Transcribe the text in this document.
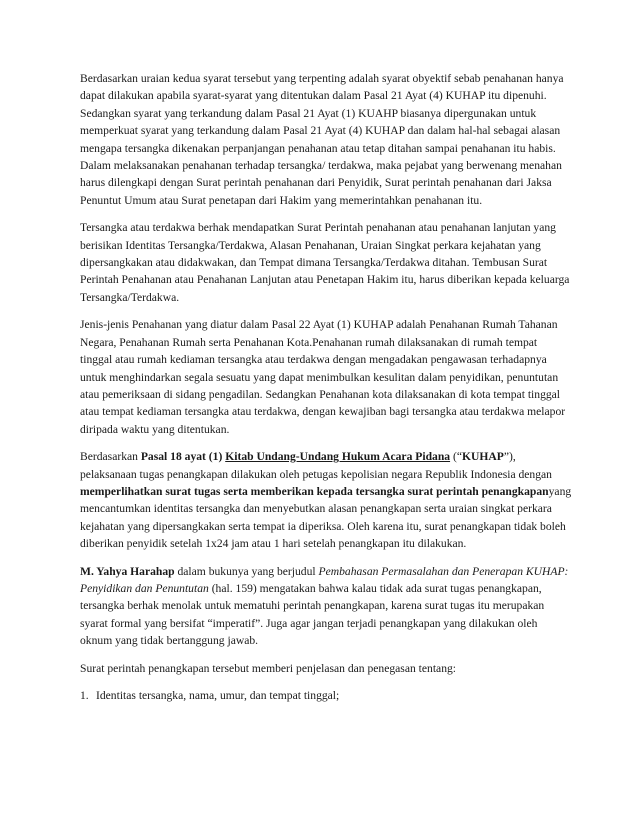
Berdasarkan uraian kedua syarat tersebut yang terpenting adalah syarat obyektif sebab penahanan hanya dapat dilakukan apabila syarat-syarat yang ditentukan dalam Pasal 21 Ayat (4) KUHAP itu dipenuhi. Sedangkan syarat yang terkandung dalam Pasal 21 Ayat (1) KUAHP biasanya dipergunakan untuk memperkuat syarat yang terkandung dalam Pasal 21 Ayat (4) KUHAP dan dalam hal-hal sebagai alasan mengapa tersangka dikenakan perpanjangan penahanan atau tetap ditahan sampai penahanan itu habis. Dalam melaksanakan penahanan terhadap tersangka/ terdakwa, maka pejabat yang berwenang menahan harus dilengkapi dengan Surat perintah penahanan dari Penyidik, Surat perintah penahanan dari Jaksa Penuntut Umum atau Surat penetapan dari Hakim yang memerintahkan penahanan itu.

Tersangka atau terdakwa berhak mendapatkan Surat Perintah penahanan atau penahanan lanjutan yang berisikan Identitas Tersangka/Terdakwa, Alasan Penahanan, Uraian Singkat perkara kejahatan yang dipersangkakan atau didakwakan, dan Tempat dimana Tersangka/Terdakwa ditahan. Tembusan Surat Perintah Penahanan atau Penahanan Lanjutan atau Penetapan Hakim itu, harus diberikan kepada keluarga Tersangka/Terdakwa.

Jenis-jenis Penahanan yang diatur dalam Pasal 22 Ayat (1) KUHAP adalah Penahanan Rumah Tahanan Negara, Penahanan Rumah serta Penahanan Kota.Penahanan rumah dilaksanakan di rumah tempat tinggal atau rumah kediaman tersangka atau terdakwa dengan mengadakan pengawasan terhadapnya untuk menghindarkan segala sesuatu yang dapat menimbulkan kesulitan dalam penyidikan, penuntutan atau pemeriksaan di sidang pengadilan. Sedangkan Penahanan kota dilaksanakan di kota tempat tinggal atau tempat kediaman tersangka atau terdakwa, dengan kewajiban bagi tersangka atau terdakwa melapor diripada waktu yang ditentukan.

Berdasarkan Pasal 18 ayat (1) Kitab Undang-Undang Hukum Acara Pidana (“KUHAP”), pelaksanaan tugas penangkapan dilakukan oleh petugas kepolisian negara Republik Indonesia dengan memperlihatkan surat tugas serta memberikan kepada tersangka surat perintah penangkapanyang mencantumkan identitas tersangka dan menyebutkan alasan penangkapan serta uraian singkat perkara kejahatan yang dipersangkakan serta tempat ia diperiksa. Oleh karena itu, surat penangkapan tidak boleh diberikan penyidik setelah 1x24 jam atau 1 hari setelah penangkapan itu dilakukan.

M. Yahya Harahap dalam bukunya yang berjudul Pembahasan Permasalahan dan Penerapan KUHAP: Penyidikan dan Penuntutan (hal. 159) mengatakan bahwa kalau tidak ada surat tugas penangkapan, tersangka berhak menolak untuk mematuhi perintah penangkapan, karena surat tugas itu merupakan syarat formal yang bersifat “imperatif”. Juga agar jangan terjadi penangkapan yang dilakukan oleh oknum yang tidak bertanggung jawab.

Surat perintah penangkapan tersebut memberi penjelasan dan penegasan tentang:

1. Identitas tersangka, nama, umur, dan tempat tinggal;
